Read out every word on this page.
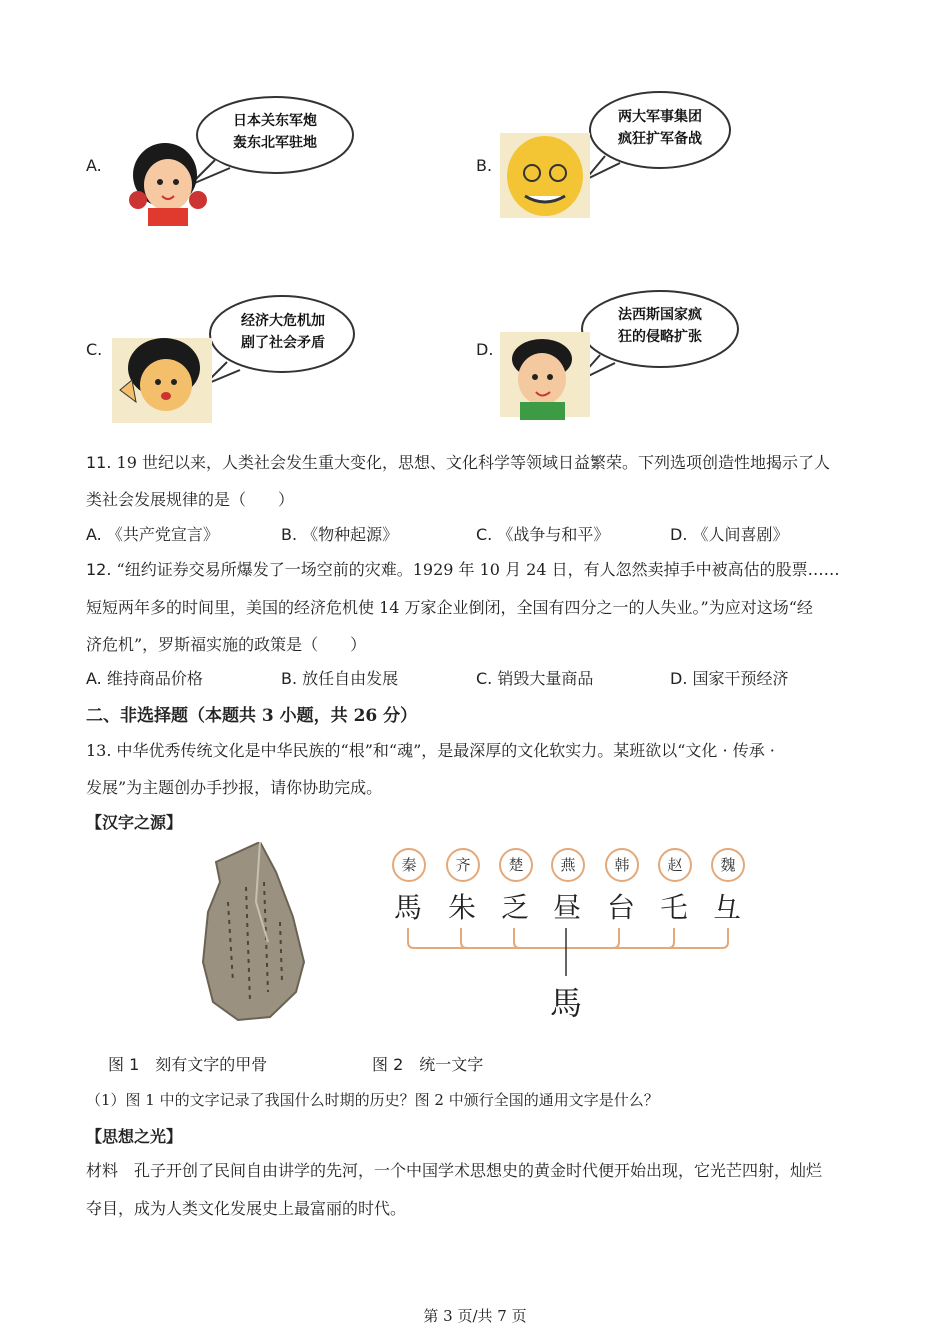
A.
日本关东军炮
轰东北军驻地
B.
两大军事集团
疯狂扩军备战
C.
经济大危机加
剧了社会矛盾	D.
法西斯国家疯
狂的侵略扩张
11. 19 世纪以来，人类社会发生重大变化，思想、文化科学等领域日益繁荣。下列选项创造性地揭示了人
类社会发展规律的是（　　）
A. 《共产党宣言》	B. 《物种起源》	C. 《战争与和平》	D. 《人间喜剧》
12. “纽约证券交易所爆发了一场空前的灾难。1929 年 10 月 24 日，有人忽然卖掉手中被高估的股票……
短短两年多的时间里，美国的经济危机使 14 万家企业倒闭，全国有四分之一的人失业。”为应对这场“经
济危机”，罗斯福实施的政策是（　　）
A. 维持商品价格	B. 放任自由发展	C. 销毁大量商品	D. 国家干预经济
二、非选择题（本题共 3 小题，共 26 分）
13. 中华优秀传统文化是中华民族的“根”和“魂”，是最深厚的文化软实力。某班欲以“文化 · 传承 ·
发展”为主题创办手抄报，请你协助完成。
【汉字之源】
秦	齐	楚	燕	韩	赵	魏
馬 朱 乏 昼 台 乇 彑
馬
图 1　刻有文字的甲骨	图 2　统一文字
（1）图 1 中的文字记录了我国什么时期的历史？图 2 中颁行全国的通用文字是什么？
【思想之光】
材料　孔子开创了民间自由讲学的先河，一个中国学术思想史的黄金时代便开始出现，它光芒四射，灿烂
夺目，成为人类文化发展史上最富丽的时代。
第 3 页/共 7 页
